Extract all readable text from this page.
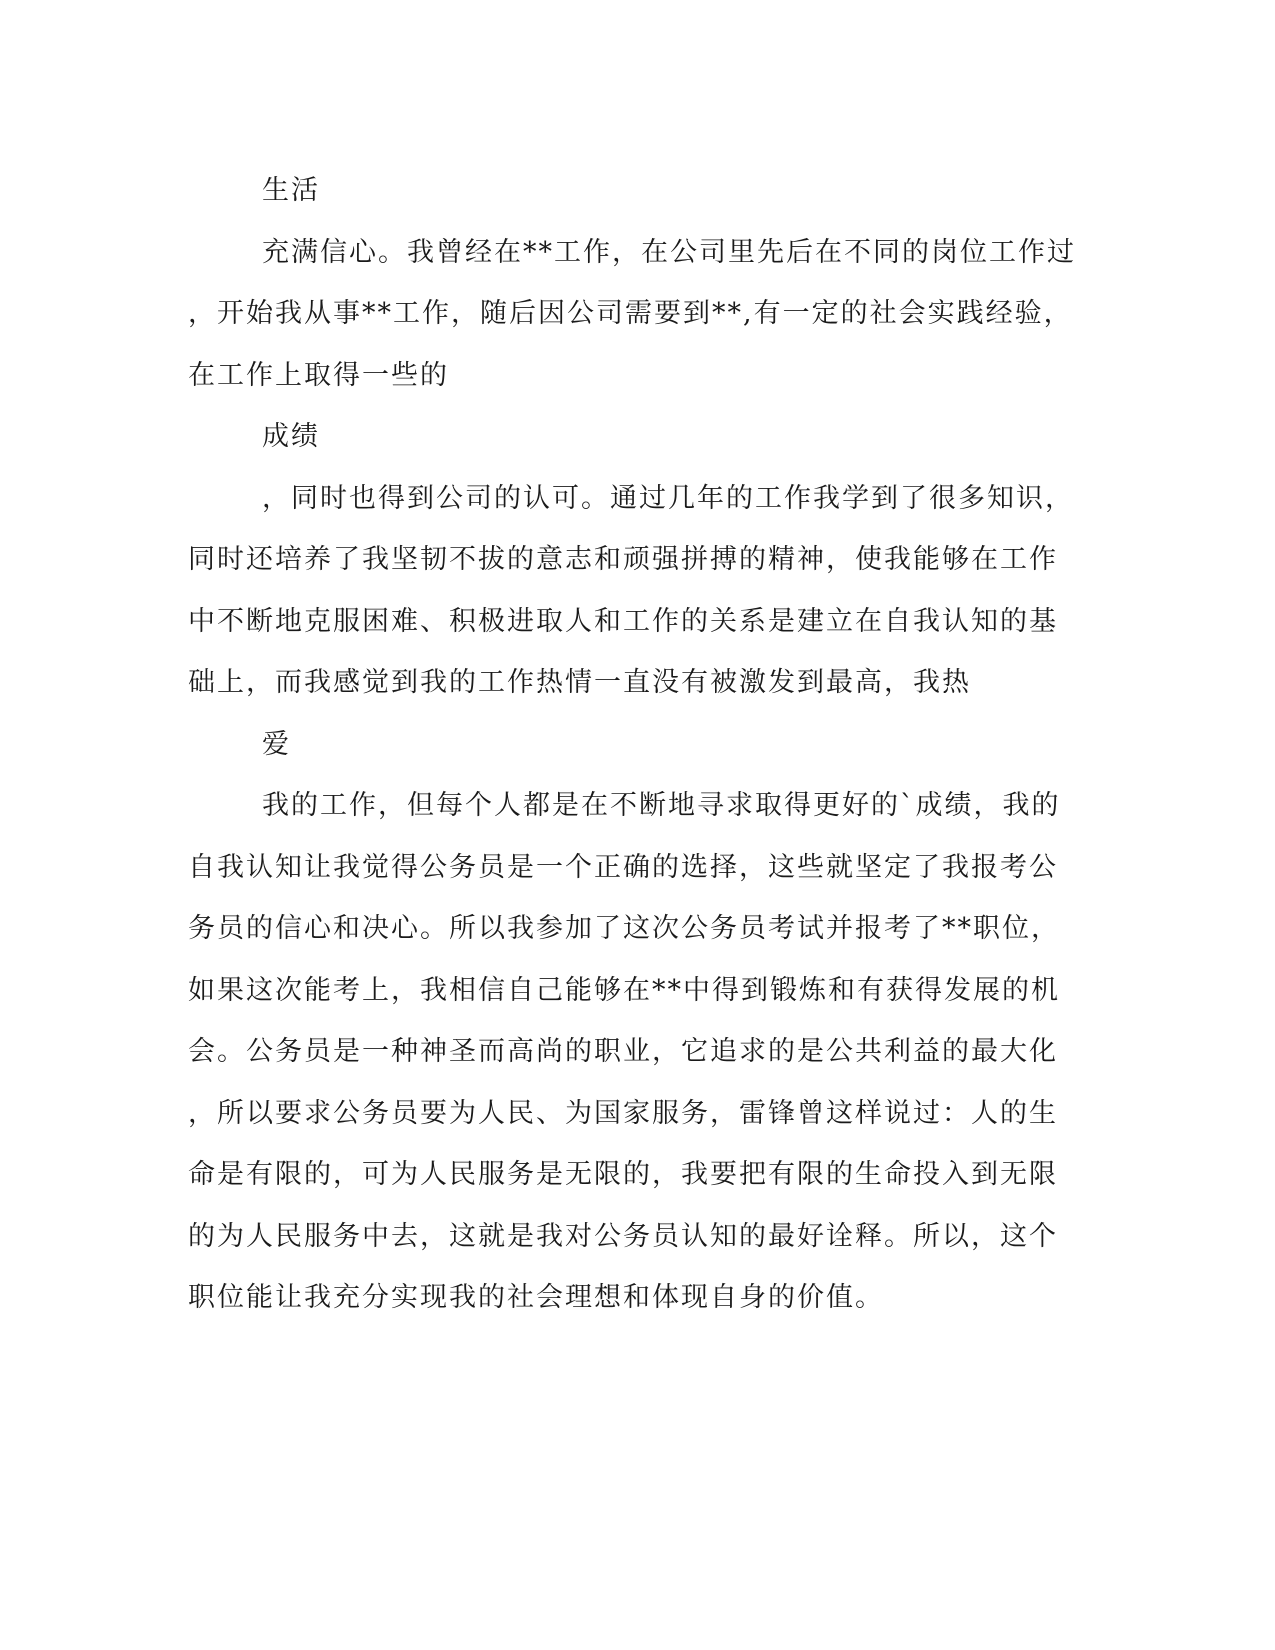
生活
充满信心。我曾经在**工作，在公司里先后在不同的岗位工作过
，开始我从事**工作，随后因公司需要到**,有一定的社会实践经验，
在工作上取得一些的
成绩
，同时也得到公司的认可。通过几年的工作我学到了很多知识，
同时还培养了我坚韧不拔的意志和顽强拼搏的精神，使我能够在工作
中不断地克服困难、积极进取人和工作的关系是建立在自我认知的基
础上，而我感觉到我的工作热情一直没有被激发到最高，我热
爱
我的工作，但每个人都是在不断地寻求取得更好的`成绩，我的
自我认知让我觉得公务员是一个正确的选择，这些就坚定了我报考公
务员的信心和决心。所以我参加了这次公务员考试并报考了**职位，
如果这次能考上，我相信自己能够在**中得到锻炼和有获得发展的机
会。公务员是一种神圣而高尚的职业，它追求的是公共利益的最大化
，所以要求公务员要为人民、为国家服务，雷锋曾这样说过：人的生
命是有限的，可为人民服务是无限的，我要把有限的生命投入到无限
的为人民服务中去，这就是我对公务员认知的最好诠释。所以，这个
职位能让我充分实现我的社会理想和体现自身的价值。
